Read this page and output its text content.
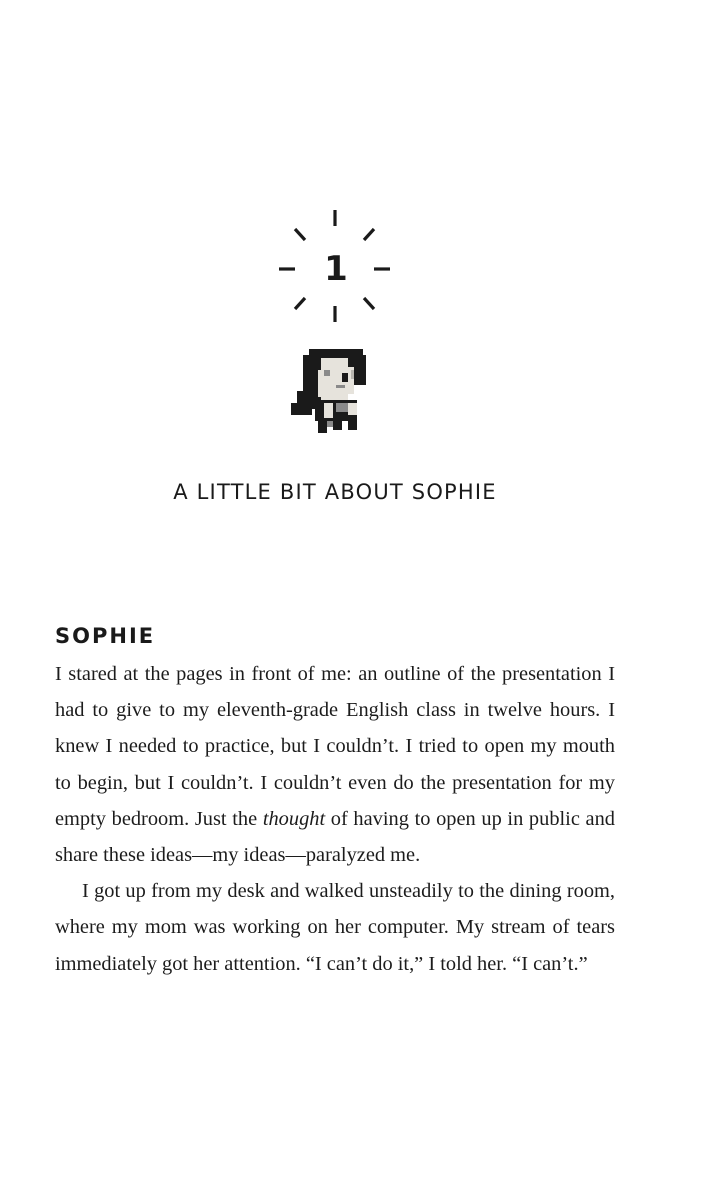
1
A LITTLE BIT ABOUT SOPHIE
SOPHIE

I stared at the pages in front of me: an outline of the presentation I had to give to my eleventh-grade English class in twelve hours. I knew I needed to practice, but I couldn’t. I tried to open my mouth to begin, but I couldn’t. I couldn’t even do the presentation for my empty bedroom. Just the thought of having to open up in public and share these ideas—my ideas—paralyzed me.

I got up from my desk and walked unsteadily to the dining room, where my mom was working on her computer. My stream of tears immediately got her attention. “I can’t do it,” I told her. “I can’t.”
